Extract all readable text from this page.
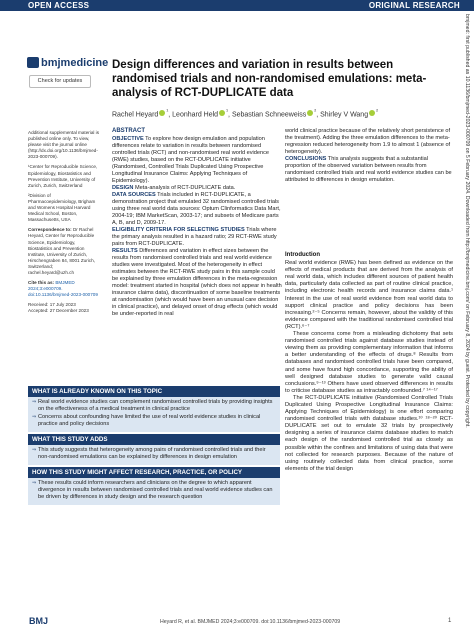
OPEN ACCESS	ORIGINAL RESEARCH
bmjmed: first published as 10.1136/bmjmed-2023-000709 on 5 February 2024. Downloaded from http://bmjmedicine.bmj.com/ on February 8, 2024 by guest. Protected by copyright.
bmjmedicine
Check for updates

Additional supplemental material is published online only. To view, please visit the journal online (http://dx.doi.org/10.1136/bmjmed-2023-000709).

¹Center for Reproducible Science, Epidemiology, Biostatistics and Prevention Institute, University of Zurich, Zurich, Switzerland

²Division of Pharmacoepidemiology, Brigham and Womens Hospital Harvard Medical School, Boston, Massachusetts, USA

Correspondence to: Dr Rachel Heyard, Center for Reproducible Science, Epidemiology, Biostatistics and Prevention Institute, University of Zurich, Hirschengraben 84, 8001 Zurich, Switzerland; rachel.heyard@uzh.ch

Cite this as: BMJMED 2024;3:e000709. doi:10.1136/bmjmed-2023-000709

Received: 17 July 2023

Accepted: 27 December 2023

Design differences and variation in results between randomised trials and non-randomised emulations: meta-analysis of RCT-DUPLICATE data
Rachel Heyard $^{^1}$, Leonhard Held $^{^1}$, Sebastian Schneeweiss $^{^2}$, Shirley V Wang $^{^2}$
ABSTRACT

OBJECTIVE To explore how design emulation and population differences relate to variation in results between randomised controlled trials (RCT) and non-randomised real world evidence (RWE) studies, based on the RCT-DUPLICATE initiative (Randomised, Controlled Trials Duplicated Using Prospective Longitudinal Insurance Claims: Applying Techniques of Epidemiology).

DESIGN Meta-analysis of RCT-DUPLICATE data.

DATA SOURCES Trials included in RCT-DUPLICATE, a demonstration project that emulated 32 randomised controlled trials using three real world data sources: Optum Clinformatics Data Mart, 2004-19; IBM MarketScan, 2003-17; and subsets of Medicare parts A, B, and D, 2009-17.

ELIGIBILITY CRITERIA FOR SELECTING STUDIES Trials where the primary analysis resulted in a hazard ratio; 29 RCT-RWE study pairs from RCT-DUPLICATE.

RESULTS Differences and variation in effect sizes between the results from randomised controlled trials and real world evidence studies were investigated. Most of the heterogeneity in effect estimates between the RCT-RWE study pairs in this sample could be explained by three emulation differences in the meta-regression model: treatment started in hospital (which does not appear in health insurance claims data), discontinuation of some baseline treatments at randomisation (which would have been an unusual care decision in clinical practice), and delayed onset of drug effects (which would be under-reported in real

world clinical practice because of the relatively short persistence of the treatment). Adding the three emulation differences to the meta-regression reduced heterogeneity from 1.9 to almost 1 (absence of heterogeneity).

CONCLUSIONS This analysis suggests that a substantial proportion of the observed variation between results from randomised controlled trials and real world evidence studies can be attributed to differences in design emulation.

Introduction

Real world evidence (RWE) has been defined as evidence on the effects of medical products that are derived from the analysis of real world data, which includes different sources of patient health data, particularly data collected as part of routine clinical practice, including electronic health records and insurance claims data.¹ Interest in the use of real world evidence from real world data to support clinical practice and policy decisions has been increasing.²⁻⁵ Concerns remain, however, about the validity of this evidence compared with the traditional randomised controlled trial (RCT).⁶⁻⁷

These concerns come from a misleading dichotomy that sets randomised controlled trials against database studies instead of viewing them as providing complementary information that informs a better understanding of the effects of drugs.⁸ Results from databases and randomised controlled trials have been compared, and some have found high concordance, supporting the ability of well designed database studies to generate valid causal conclusions.⁹⁻¹³ Others have used observed differences in results to criticise database studies as intractably confounded.⁷ ¹⁴⁻¹⁷

The RCT-DUPLICATE initiative (Randomised Controlled Trials Duplicated Using Prospective Longitudinal Insurance Claims: Applying Techniques of Epidemiology) is one effort comparing randomised controlled trials with database studies.¹⁰ ¹⁸⁻²⁰ RCT-DUPLICATE set out to emulate 32 trials by prospectively designing a series of insurance claims database studies to match each design of the randomised controlled trial as closely as possible within the confines and limitations of using data that were not collected for research purposes. Because of the nature of using routinely collected data from clinical practice, some elements of the trial design

WHAT IS ALREADY KNOWN ON THIS TOPIC
⇒ Real world evidence studies can complement randomised controlled trials by providing insights on the effectiveness of a medical treatment in clinical practice
⇒ Concerns about confounding have limited the use of real world evidence studies in clinical practice and policy decisions
WHAT THIS STUDY ADDS
⇒ This study suggests that heterogeneity among pairs of randomised controlled trials and their non-randomised emulations can be explained by differences in design emulation
HOW THIS STUDY MIGHT AFFECT RESEARCH, PRACTICE, OR POLICY
⇒ These results could inform researchers and clinicians on the degree to which apparent divergence in results between randomised controlled trials and real world evidence studies can be driven by differences in study design and the research question
BMJ	Heyard R, et al. BMJMED 2024;3:e000709. doi:10.1136/bmjmed-2023-000709	1
